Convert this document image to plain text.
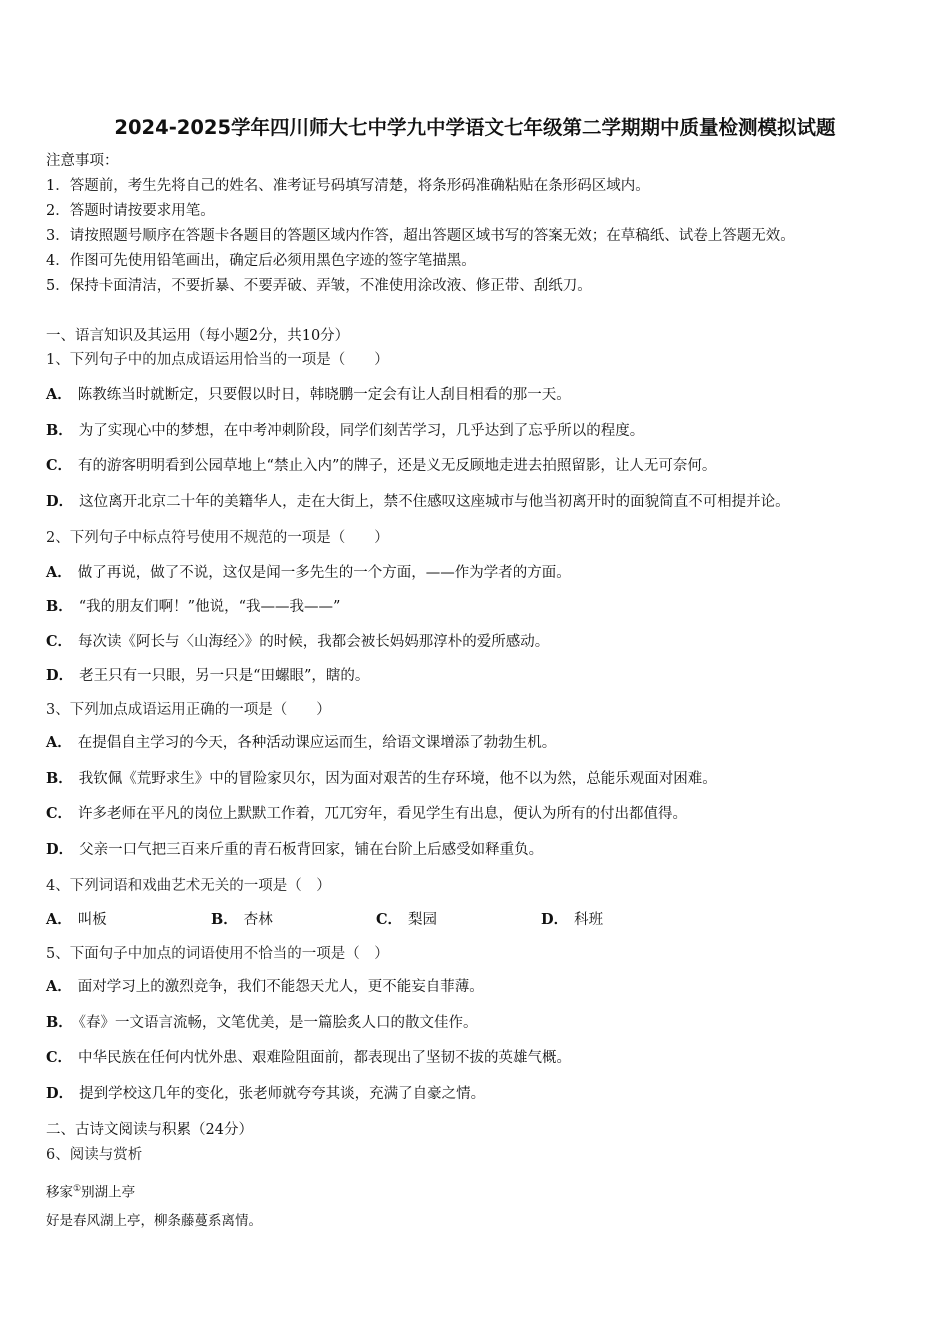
2024-2025学年四川师大七中学九中学语文七年级第二学期期中质量检测模拟试题
注意事项：
1．答题前，考生先将自己的姓名、准考证号码填写清楚，将条形码准确粘贴在条形码区域内。
2．答题时请按要求用笔。
3．请按照题号顺序在答题卡各题目的答题区域内作答，超出答题区域书写的答案无效；在草稿纸、试卷上答题无效。
4．作图可先使用铅笔画出，确定后必须用黑色字迹的签字笔描黑。
5．保持卡面清洁，不要折暴、不要弄破、弄皱，不准使用涂改液、修正带、刮纸刀。
一、语言知识及其运用（每小题2分，共10分）
1、下列句子中的加点成语运用恰当的一项是（　　）
A． 陈教练当时就断定，只要假以时日，韩晓鹏一定会有让人刮目相看的那一天。
B． 为了实现心中的梦想，在中考冲刺阶段，同学们刻苦学习，几乎达到了忘乎所以的程度。
C． 有的游客明明看到公园草地上“禁止入内”的牌子，还是义无反顾地走进去拍照留影，让人无可奈何。
D． 这位离开北京二十年的美籍华人，走在大街上，禁不住感叹这座城市与他当初离开时的面貌简直不可相提并论。
2、下列句子中标点符号使用不规范的一项是（　　）
A． 做了再说，做了不说，这仅是闻一多先生的一个方面，——作为学者的方面。
B． “我的朋友们啊！”他说，“我——我——”
C． 每次读《阿长与〈山海经〉》的时候，我都会被长妈妈那淳朴的爱所感动。
D． 老王只有一只眼，另一只是“田螺眼”，瞎的。
3、下列加点成语运用正确的一项是（　　）
A． 在提倡自主学习的今天，各种活动课应运而生，给语文课增添了勃勃生机。
B． 我钦佩《荒野求生》中的冒险家贝尔，因为面对艰苦的生存环境，他不以为然，总能乐观面对困难。
C． 许多老师在平凡的岗位上默默工作着，兀兀穷年，看见学生有出息，便认为所有的付出都值得。
D． 父亲一口气把三百来斤重的青石板背回家，铺在台阶上后感受如释重负。
4、下列词语和戏曲艺术无关的一项是（　）
A． 叫板	B． 杏林	C． 梨园	D． 科班
5、下面句子中加点的词语使用不恰当的一项是（　）
A． 面对学习上的激烈竞争，我们不能怨天尤人，更不能妄自菲薄。
B． 《春》一文语言流畅，文笔优美，是一篇脍炙人口的散文佳作。
C． 中华民族在任何内忧外患、艰难险阻面前，都表现出了坚韧不拔的英雄气概。
D． 提到学校这几年的变化，张老师就夸夸其谈，充满了自豪之情。
二、古诗文阅读与积累（24分）
6、阅读与赏析
移家①别湖上亭
好是春风湖上亭，柳条藤蔓系离情。
